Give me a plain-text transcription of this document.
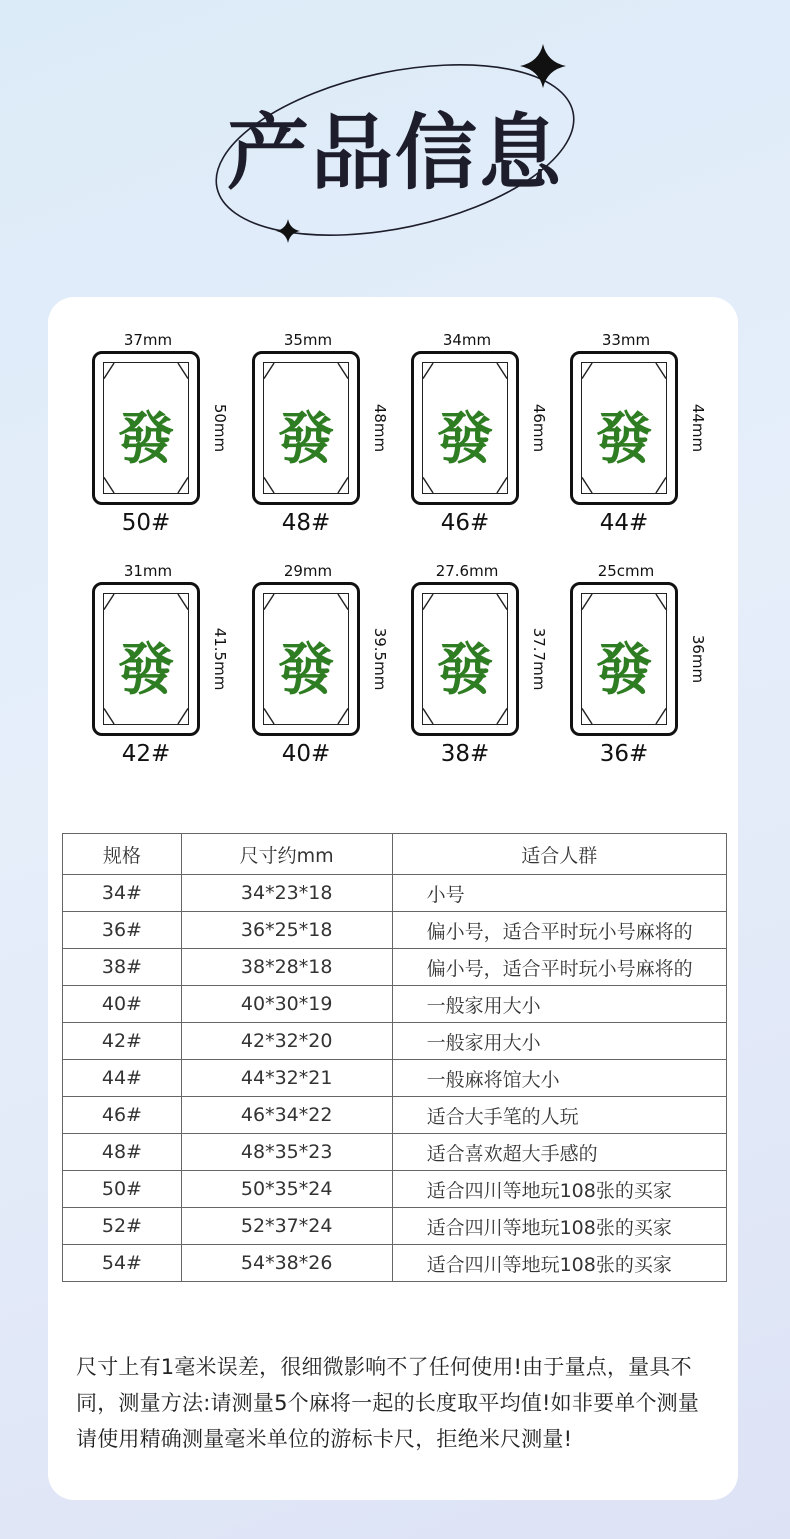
产品信息
37mm
發	50mm
50#
35mm
發	48mm
48#
34mm
發	46mm
46#
33mm
發	44mm
44#
31mm
發	41.5mm
42#
29mm
發	39.5mm
40#
27.6mm
發	37.7mm
38#
25cmm
發	36mm
36#
规格	尺寸约mm	适合人群
34#	34*23*18	小号
36#	36*25*18	偏小号，适合平时玩小号麻将的
38#	38*28*18	偏小号，适合平时玩小号麻将的
40#	40*30*19	一般家用大小
42#	42*32*20	一般家用大小
44#	44*32*21	一般麻将馆大小
46#	46*34*22	适合大手笔的人玩
48#	48*35*23	适合喜欢超大手感的
50#	50*35*24	适合四川等地玩108张的买家
52#	52*37*24	适合四川等地玩108张的买家
54#	54*38*26	适合四川等地玩108张的买家
尺寸上有1毫米误差，很细微影响不了任何使用!由于量点，量具不同，测量方法:请测量5个麻将一起的长度取平均值!如非要单个测量请使用精确测量毫米单位的游标卡尺，拒绝米尺测量!
